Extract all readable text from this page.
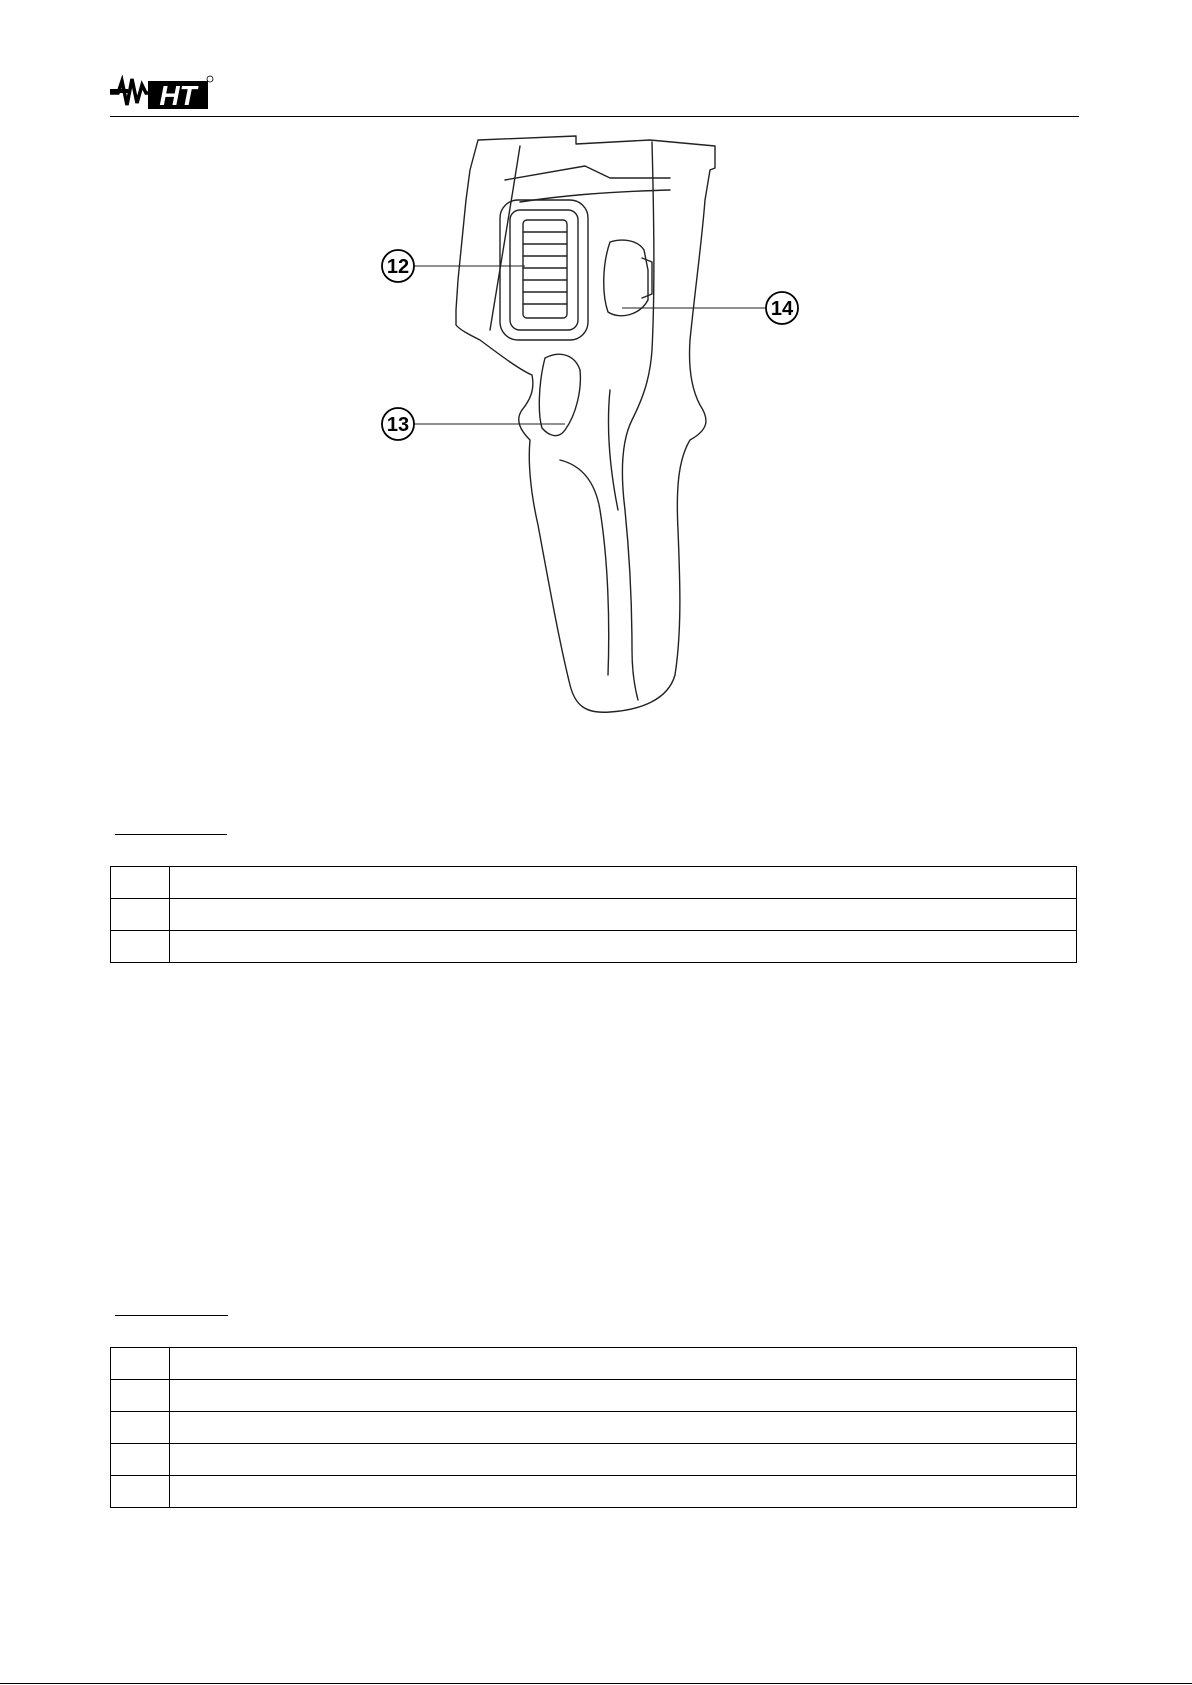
HT
12
13
14
